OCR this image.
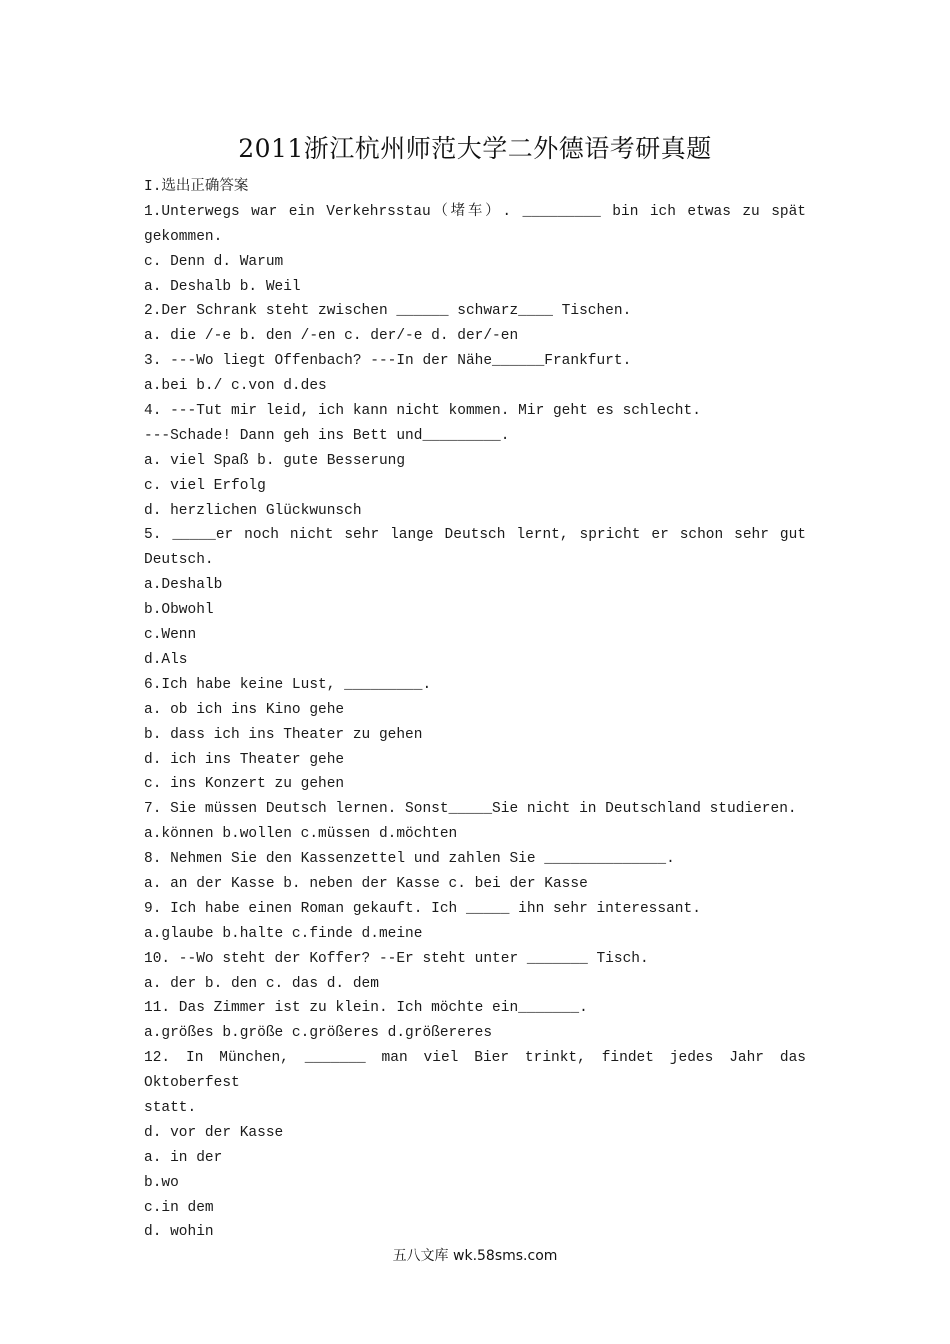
2011浙江杭州师范大学二外德语考研真题
I.选出正确答案
1.Unterwegs war ein Verkehrsstau（堵车）. _________ bin ich etwas zu spät
gekommen.
c. Denn d. Warum
a. Deshalb b. Weil
2.Der Schrank steht zwischen ______ schwarz____ Tischen.
a. die /-e b. den /-en c. der/-e d. der/-en
3. ---Wo liegt Offenbach? ---In der Nähe______Frankfurt.
a.bei b./ c.von d.des
4. ---Tut mir leid, ich kann nicht kommen. Mir geht es schlecht.
---Schade! Dann geh ins Bett und_________.
a. viel Spaß b. gute Besserung
c. viel Erfolg
d. herzlichen Glückwunsch
5. _____er noch nicht sehr lange Deutsch lernt, spricht er schon sehr gut
Deutsch.
a.Deshalb
b.Obwohl
c.Wenn
d.Als
6.Ich habe keine Lust, _________.
a. ob ich ins Kino gehe
b. dass ich ins Theater zu gehen
d. ich ins Theater gehe
c. ins Konzert zu gehen
7. Sie müssen Deutsch lernen. Sonst_____Sie nicht in Deutschland studieren.
a.können b.wollen c.müssen d.möchten
8. Nehmen Sie den Kassenzettel und zahlen Sie ______________.
a. an der Kasse b. neben der Kasse c. bei der Kasse
9. Ich habe einen Roman gekauft. Ich _____ ihn sehr interessant.
a.glaube b.halte c.finde d.meine
10. --Wo steht der Koffer? --Er steht unter _______ Tisch.
a. der b. den c. das d. dem
11. Das Zimmer ist zu klein. Ich möchte ein_______.
a.größes b.größe c.größeres d.größereres
12. In München, _______ man viel Bier trinkt, findet jedes Jahr das Oktoberfest
statt.
d. vor der Kasse
a. in der
b.wo
c.in dem
d. wohin
五八文库 wk.58sms.com
